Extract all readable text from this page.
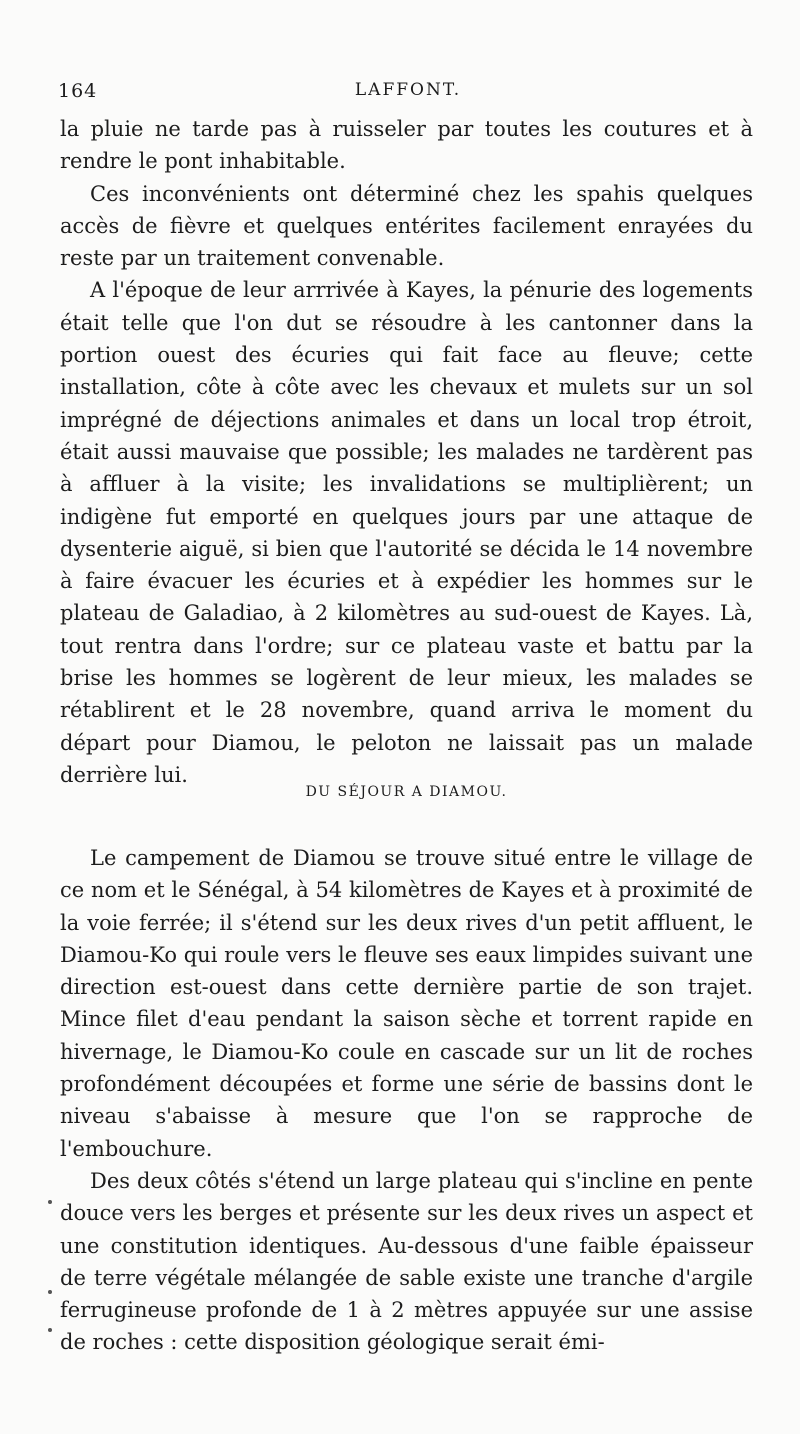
164	LAFFONT.

la pluie ne tarde pas à ruisseler par toutes les coutures et à rendre le pont inhabitable.

Ces inconvénients ont déterminé chez les spahis quelques accès de fièvre et quelques entérites facilement enrayées du reste par un traitement convenable.

A l'époque de leur arrrivée à Kayes, la pénurie des logements était telle que l'on dut se résoudre à les cantonner dans la portion ouest des écuries qui fait face au fleuve; cette installation, côte à côte avec les chevaux et mulets sur un sol imprégné de déjections animales et dans un local trop étroit, était aussi mauvaise que possible; les malades ne tardèrent pas à affluer à la visite; les invalidations se multiplièrent; un indigène fut emporté en quelques jours par une attaque de dysenterie aiguë, si bien que l'autorité se décida le 14 novembre à faire évacuer les écuries et à expédier les hommes sur le plateau de Galadiao, à 2 kilomètres au sud-ouest de Kayes. Là, tout rentra dans l'ordre; sur ce plateau vaste et battu par la brise les hommes se logèrent de leur mieux, les malades se rétablirent et le 28 novembre, quand arriva le moment du départ pour Diamou, le peloton ne laissait pas un malade derrière lui.

DU SÉJOUR A DIAMOU.

Le campement de Diamou se trouve situé entre le village de ce nom et le Sénégal, à 54 kilomètres de Kayes et à proximité de la voie ferrée; il s'étend sur les deux rives d'un petit affluent, le Diamou-Ko qui roule vers le fleuve ses eaux limpides suivant une direction est-ouest dans cette dernière partie de son trajet. Mince filet d'eau pendant la saison sèche et torrent rapide en hivernage, le Diamou-Ko coule en cascade sur un lit de roches profondément découpées et forme une série de bassins dont le niveau s'abaisse à mesure que l'on se rapproche de l'embouchure.

Des deux côtés s'étend un large plateau qui s'incline en pente douce vers les berges et présente sur les deux rives un aspect et une constitution identiques. Au-dessous d'une faible épaisseur de terre végétale mélangée de sable existe une tranche d'argile ferrugineuse profonde de 1 à 2 mètres appuyée sur une assise de roches : cette disposition géologique serait émi-
